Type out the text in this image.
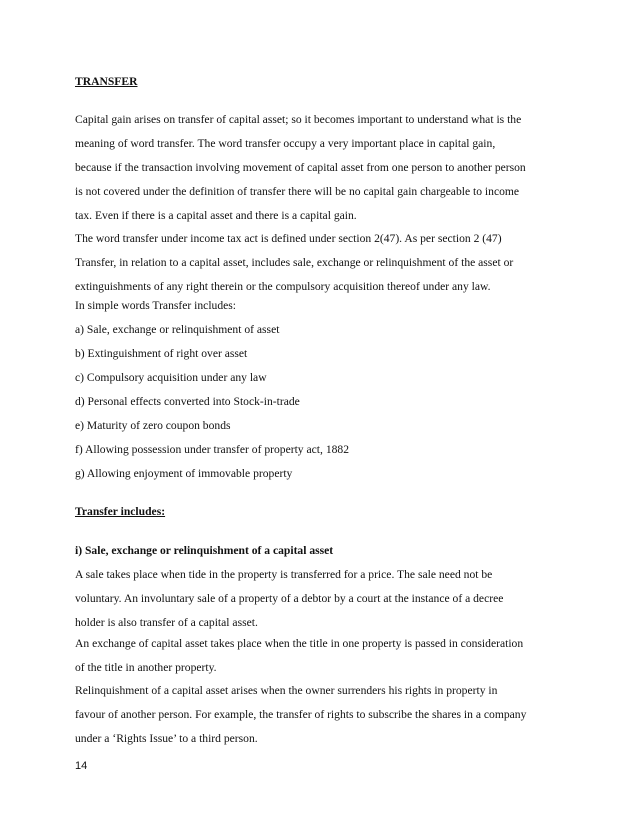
TRANSFER
Capital gain arises on transfer of capital asset; so it becomes important to understand what is the
meaning of word transfer. The word transfer occupy a very important place in capital gain,
because if the transaction involving movement of capital asset from one person to another person
is not covered under the definition of transfer there will be no capital gain chargeable to income
tax. Even if there is a capital asset and there is a capital gain.
The word transfer under income tax act is defined under section 2(47). As per section 2 (47)
Transfer, in relation to a capital asset, includes sale, exchange or relinquishment of the asset or
extinguishments of any right therein or the compulsory acquisition thereof under any law.
In simple words Transfer includes:
a) Sale, exchange or relinquishment of asset
b) Extinguishment of right over asset
c) Compulsory acquisition under any law
d) Personal effects converted into Stock-in-trade
e) Maturity of zero coupon bonds
f) Allowing possession under transfer of property act, 1882
g) Allowing enjoyment of immovable property
Transfer includes:
i) Sale, exchange or relinquishment of a capital asset
A sale takes place when tide in the property is transferred for a price. The sale need not be
voluntary. An involuntary sale of a property of a debtor by a court at the instance of a decree
holder is also transfer of a capital asset.
An exchange of capital asset takes place when the title in one property is passed in consideration
of the title in another property.
Relinquishment of a capital asset arises when the owner surrenders his rights in property in
favour of another person. For example, the transfer of rights to subscribe the shares in a company
under a ‘Rights Issue’ to a third person.
14
